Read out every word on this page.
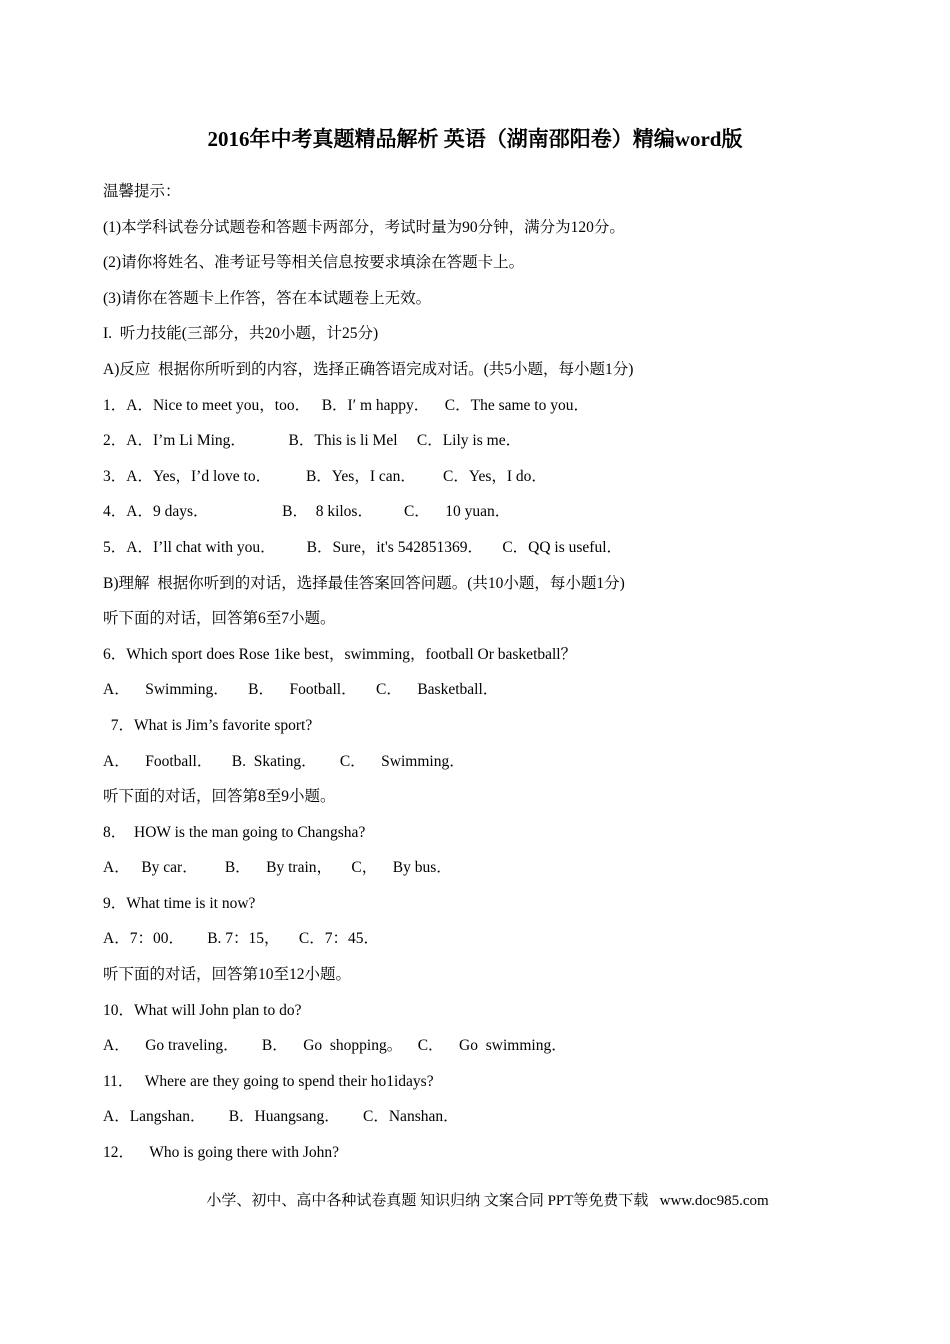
2016年中考真题精品解析 英语（湖南邵阳卷）精编word版
温馨提示：
(1)本学科试卷分试题卷和答题卡两部分，考试时量为90分钟，满分为120分。
(2)请你将姓名、准考证号等相关信息按要求填涂在答题卡上。
(3)请你在答题卡上作答，答在本试题卷上无效。
I.  听力技能(三部分，共20小题，计25分)
A)反应  根据你所听到的内容，选择正确答语完成对话。(共5小题，每小题1分)
1．A．Nice to meet you，too．   B．I′ m happy．    C．The same to you．
2．A．I’m Li Ming．           B．This is li Mel     C．Lily is me．
3．A．Yes，I’d love to．         B．Yes，I can．       C．Yes，I do．
4．A．9 days．                   B．  8 kilos．        C．    10 yuan．
5．A．I’ll chat with you．        B．Sure，it's 542851369．     C．QQ is useful．
B)理解  根据你听到的对话，选择最佳答案回答问题。(共10小题，每小题1分)
听下面的对话，回答第6至7小题。
6．Which sport does Rose 1ike best，swimming，football Or basketball？
A．    Swimming．     B．    Football．     C．    Basketball．
7．What is Jim’s favorite sport?
A．    Football．     B.  Skating．      C．    Swimming．
听下面的对话，回答第8至9小题。
8．  HOW is the man going to Changsha?
A．   By car．       B．    By train，     C，    By bus．
9．What time is it now?
A．7：00．      B. 7：15，     C．7：45．
听下面的对话，回答第10至12小题。
10．What will John plan to do?
A．    Go traveling．      B．    Go  shopping。    C．    Go  swimming．
11．   Where are they going to spend their ho1idays?
A．Langshan．      B．Huangsang．      C．Nanshan．
12．    Who is going there with John?
小学、初中、高中各种试卷真题 知识归纳 文案合同 PPT等免费下载   www.doc985.com
